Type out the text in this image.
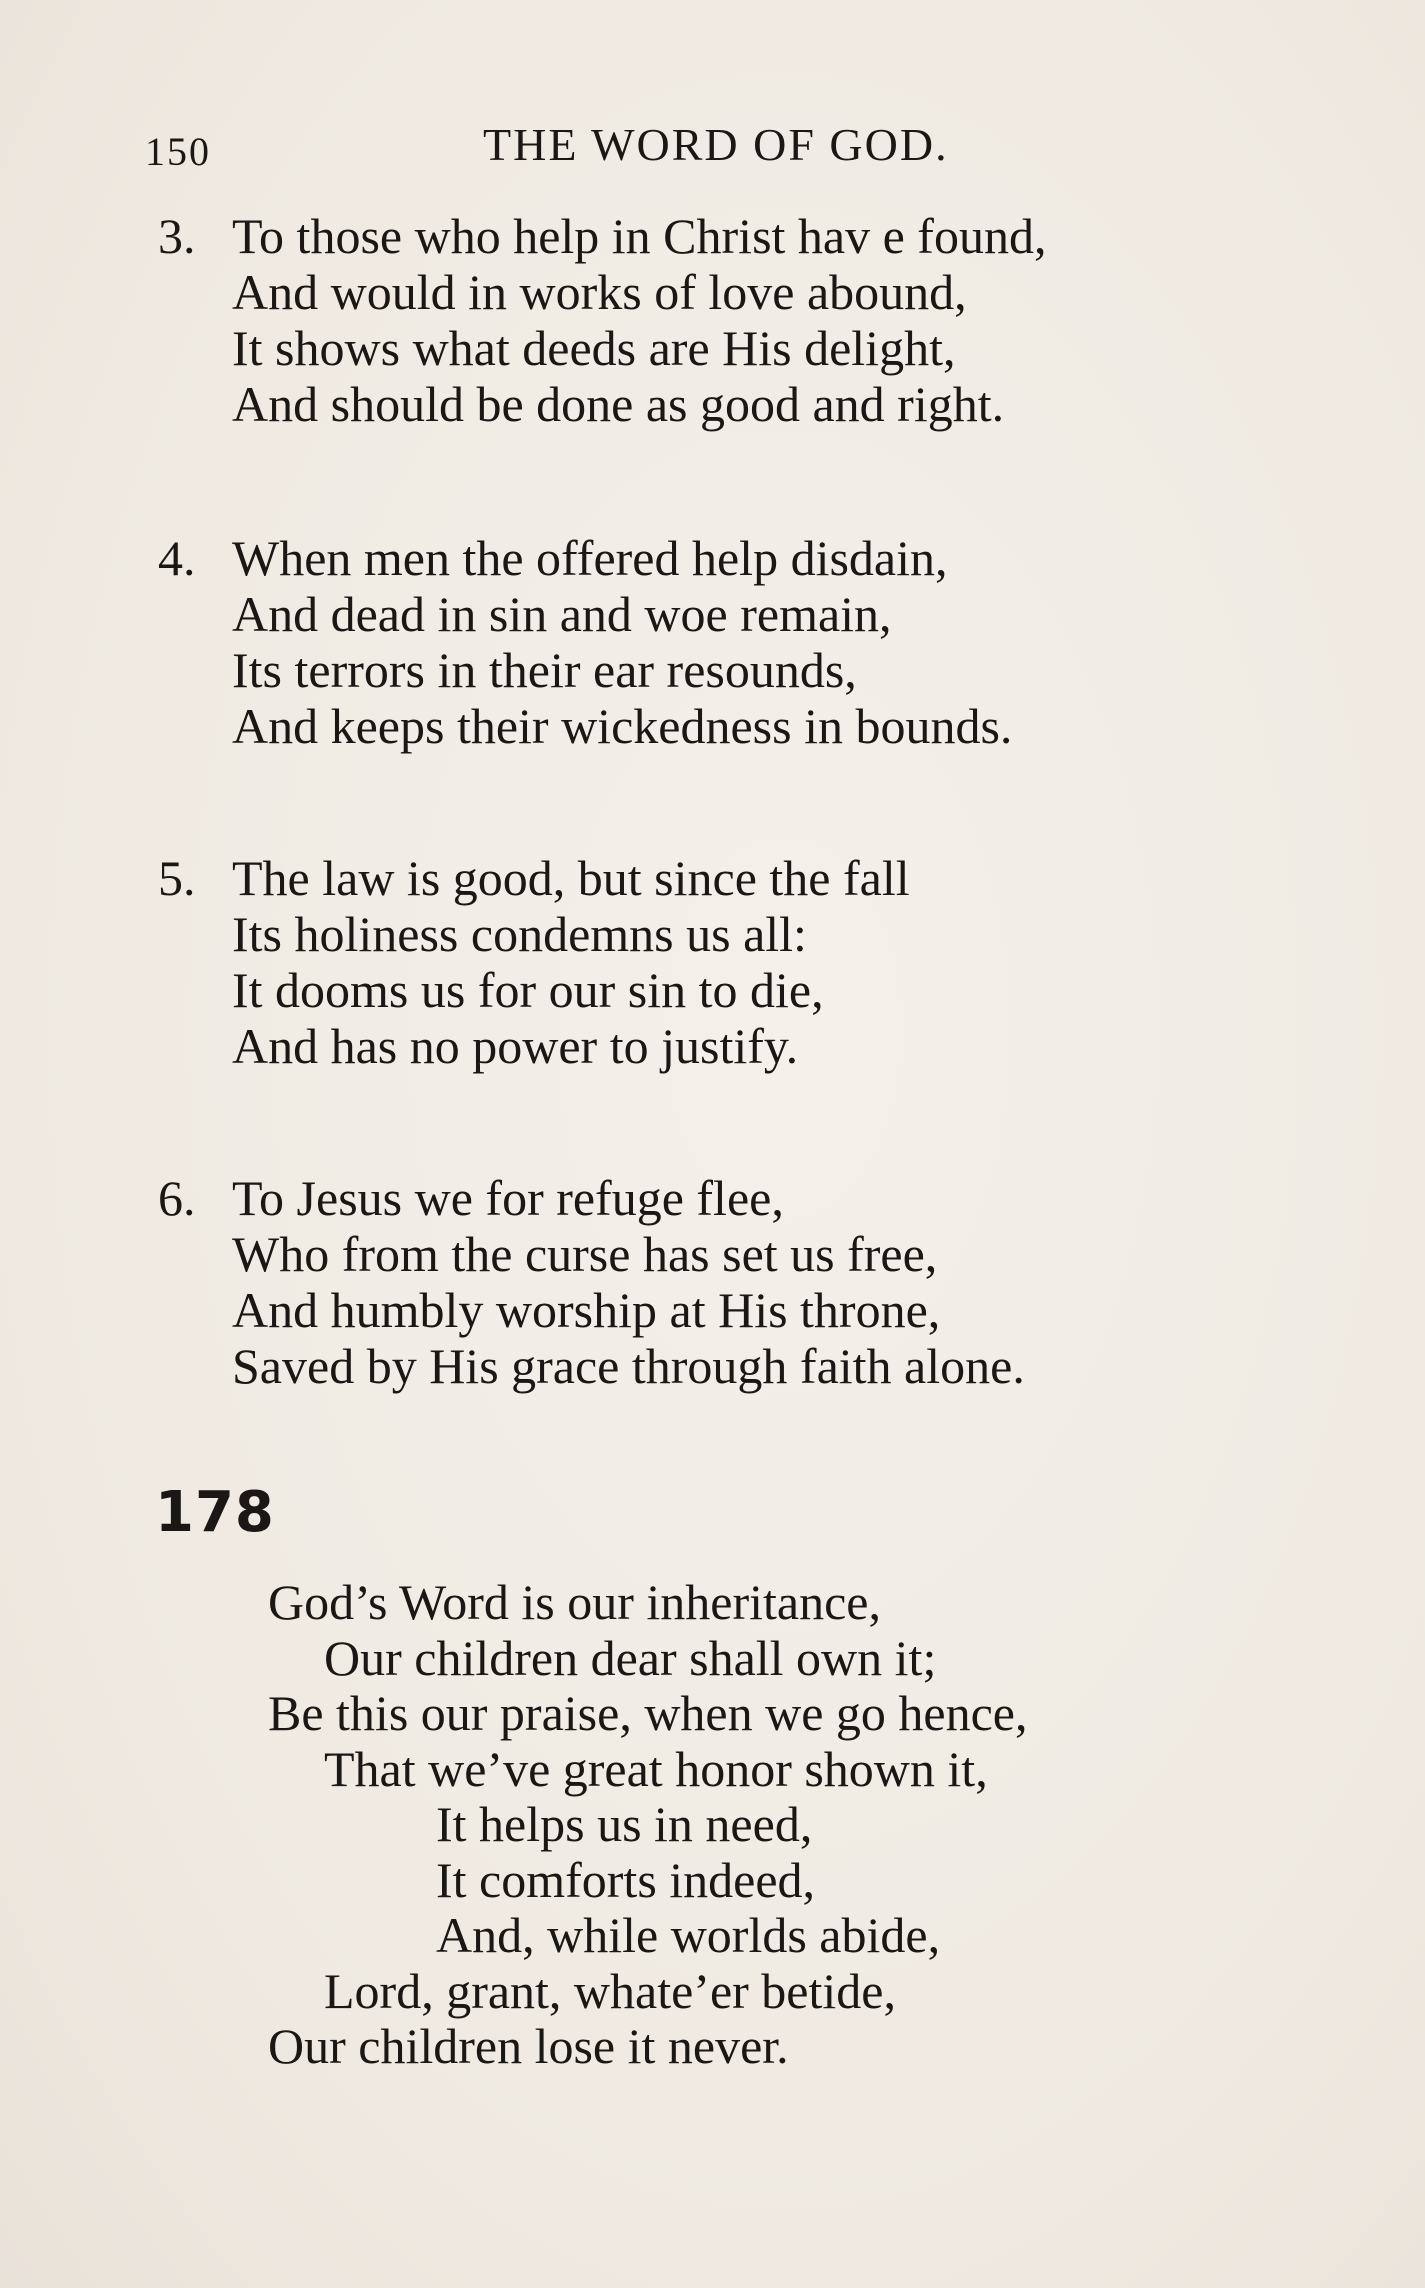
150	THE WORD OF GOD.
3. To those who help in Christ hav e found,
And would in works of love abound,
It shows what deeds are His delight,
And should be done as good and right.
4. When men the offered help disdain,
And dead in sin and woe remain,
Its terrors in their ear resounds,
And keeps their wickedness in bounds.
5. The law is good, but since the fall
Its holiness condemns us all:
It dooms us for our sin to die,
And has no power to justify.
6. To Jesus we for refuge flee,
Who from the curse has set us free,
And humbly worship at His throne,
Saved by His grace through faith alone.
178
God’s Word is our inheritance,
Our children dear shall own it;
Be this our praise, when we go hence,
That we’ve great honor shown it,
It helps us in need,
It comforts indeed,
And, while worlds abide,
Lord, grant, whate’er betide,
Our children lose it never.
